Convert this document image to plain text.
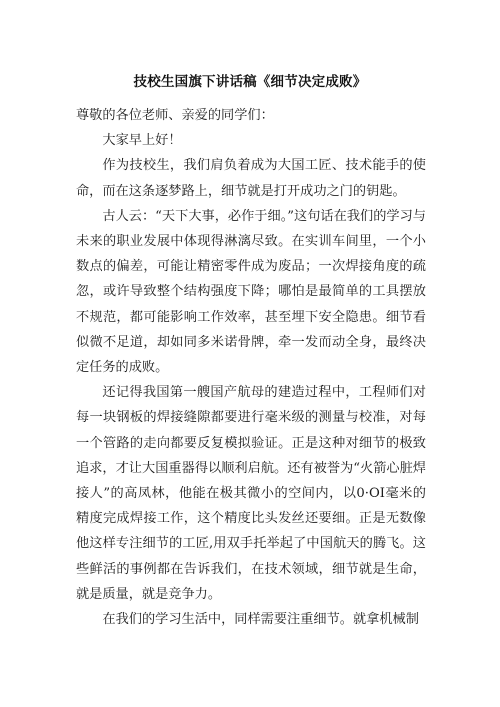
技校生国旗下讲话稿《细节决定成败》

尊敬的各位老师、亲爱的同学们：

大家早上好！

作为技校生，我们肩负着成为大国工匠、技术能手的使命，而在这条逐梦路上，细节就是打开成功之门的钥匙。

古人云：“天下大事，必作于细。”这句话在我们的学习与未来的职业发展中体现得淋漓尽致。在实训车间里，一个小数点的偏差，可能让精密零件成为废品；一次焊接角度的疏忽，或许导致整个结构强度下降；哪怕是最简单的工具摆放不规范，都可能影响工作效率，甚至埋下安全隐患。细节看似微不足道，却如同多米诺骨牌，牵一发而动全身，最终决定任务的成败。

还记得我国第一艘国产航母的建造过程中，工程师们对每一块钢板的焊接缝隙都要进行毫米级的测量与校准，对每一个管路的走向都要反复模拟验证。正是这种对细节的极致追求，才让大国重器得以顺利启航。还有被誉为“火箭心脏焊接人”的高凤林，他能在极其微小的空间内，以0·OI毫米的精度完成焊接工作，这个精度比头发丝还要细。正是无数像他这样专注细节的工匠,用双手托举起了中国航天的腾飞。这些鲜活的事例都在告诉我们，在技术领域，细节就是生命，就是质量，就是竞争力。

在我们的学习生活中，同样需要注重细节。就拿机械制
